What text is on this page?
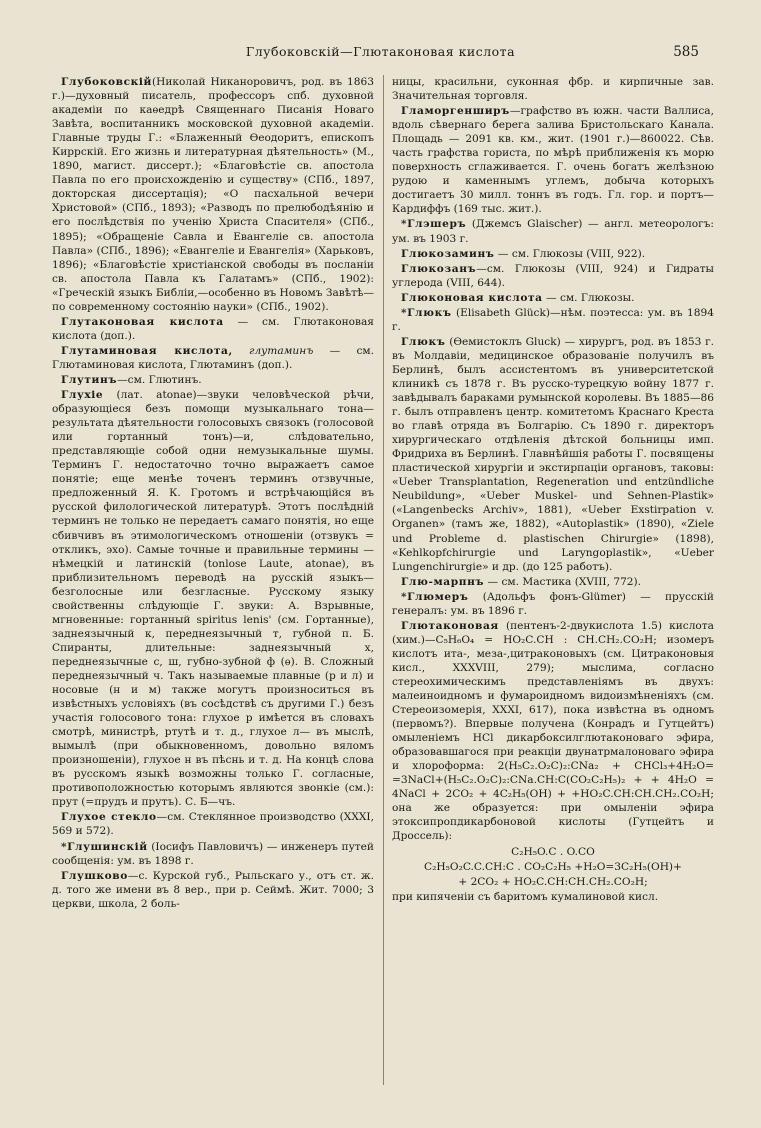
Глубоковскій—Глютаконовая кислота	585

Глубоковскій(Николай Никаноровичъ, род. въ 1863 г.)—духовный писатель, профессоръ спб. духовной академіи по каѳедрѣ Священнаго Писанія Новаго Завѣта, воспитанникъ московской духовной академіи. Главные труды Г.: «Блаженный Ѳеодоритъ, епископъ Киррскій. Его жизнь и литературная дѣятельность» (М., 1890, магист. диссерт.); «Благовѣстіе св. апостола Павла по его происхожденію и существу» (СПб., 1897, докторская диссертація); «О пасхальной вечери Христовой» (СПб., 1893); «Разводъ по прелюбодѣянію и его послѣдствія по ученію Христа Спасителя» (СПб., 1895); «Обращеніе Савла и Евангеліе св. апостола Павла» (СПб., 1896); «Евангеліе и Евангелія» (Харьковъ, 1896); «Благовѣстіе христіанской свободы въ посланіи св. апостола Павла къ Галатамъ» (СПб., 1902): «Греческій языкъ Библіи,—особенно въ Новомъ Завѣтѣ—по современному состоянію науки» (СПб., 1902).

Глутаконовая кислота — см. Глютаконовая кислота (доп.).

Глутаминовая кислота, глутаминъ — см. Глютаминовая кислота, Глютаминъ (доп.).

Глутинъ—см. Глютинъ.

Глухіе (лат. atonae)—звуки человѣческой рѣчи, образующіеся безъ помощи музыкальнаго тона—результата дѣятельности голосовыхъ связокъ (голосовой или гортанный тонъ)—и, слѣдовательно, представляющіе собой одни немузыкальные шумы. Терминъ Г. недостаточно точно выражаетъ самое понятіе; еще менѣе точенъ терминъ отзвучные, предложенный Я. К. Гротомъ и встрѣчающійся въ русской филологической литературѣ. Этотъ послѣдній терминъ не только не передаетъ самаго понятія, но еще сбивчивъ въ этимологическомъ отношеніи (отзвукъ = откликъ, эхо). Самые точные и правильные термины — нѣмецкій и латинскій (tonlose Laute, atonae), въ приблизительномъ переводѣ на русскій языкъ—безголосные или безгласные. Русскому языку свойственны слѣдующіе Г. звуки: А. Взрывные, мгновенные: гортанный spiritus lenis' (см. Гортанные), заднеязычный к, переднеязычный т, губной п. Б. Спиранты, длительные: заднеязычный х, переднеязычные с, ш, губно-зубной ф (ѳ). В. Сложный переднеязычный ч. Такъ называемые плавные (р и л) и носовые (н и м) также могутъ произноситься въ извѣстныхъ условіяхъ (въ сосѣдствѣ съ другими Г.) безъ участія голосового тона: глухое р имѣется въ словахъ смотрѣ, министрѣ, ртутѣ и т. д., глухое л— въ мыслѣ, вымылѣ (при обыкновенномъ, довольно вяломъ произношеніи), глухое н въ пѣснь и т. д. На концѣ слова въ русскомъ языкѣ возможны только Г. согласные, противоположностью которымъ являются звонкіе (см.): прут (=прудъ и прутъ). С. Б—чъ.

Глухое стекло—см. Стеклянное производство (XXXI, 569 и 572).

*Глушинскій (Іосифъ Павловичъ) — инженеръ путей сообщенія: ум. въ 1898 г.

Глушково—с. Курской губ., Рыльскаго у., отъ ст. ж. д. того же имени въ 8 вер., при р. Сеймѣ. Жит. 7000; 3 церкви, школа, 2 боль-

ницы, красильни, суконная фбр. и кирпичные зав. Значительная торговля.

Гламоргенширъ—графство въ южн. части Валлиса, вдоль сѣвернаго берега залива Бристольскаго Канала. Площадь — 2091 кв. км., жит. (1901 г.)—860022. Сѣв. часть графства гориста, по мѣрѣ приближенія къ морю поверхность сглаживается. Г. очень богатъ желѣзною рудою и каменнымъ углемъ, добыча которыхъ достигаетъ 30 милл. тоннъ въ годъ. Гл. гор. и портъ—Кардиффъ (169 тыс. жит.).

*Глэшеръ (Джемсъ Glaischer) — англ. метеорологъ: ум. въ 1903 г.

Глюкозаминъ — см. Глюкозы (VIII, 922).

Глюкозанъ—см. Глюкозы (VIII, 924) и Гидраты углерода (VIII, 644).

Глюконовая кислота — см. Глюкозы.

*Глюкъ (Elisabeth Glück)—нѣм. поэтесса: ум. въ 1894 г.

Глюкъ (Ѳемистоклъ Gluck) — хирургъ, род. въ 1853 г. въ Молдавіи, медицинское образованіе получилъ въ Берлинѣ, былъ ассистентомъ въ университетской клиникѣ съ 1878 г. Въ русско-турецкую войну 1877 г. завѣдывалъ бараками румынской королевы. Въ 1885—86 г. былъ отправленъ центр. комитетомъ Краснаго Креста во главѣ отряда въ Болгарію. Съ 1890 г. директоръ хирургическаго отдѣленія дѣтской больницы имп. Фридриха въ Берлинѣ. Главнѣйшія работы Г. посвящены пластической хирургіи и экстирпаціи органовъ, таковы: «Ueber Transplantation, Regeneration und entzündliche Neubildung», «Ueber Muskel- und Sehnen-Plastik» («Langenbecks Archiv», 1881), «Ueber Exstirpation v. Organen» (тамъ же, 1882), «Autoplastik» (1890), «Ziele und Probleme d. plastischen Chirurgie» (1898), «Kehlkopfchirurgie und Laryngoplastik», «Ueber Lungenchirurgie» и др. (до 125 работъ).

Глю-марпнъ — см. Мастика (XVIII, 772).

*Глюмеръ (Адольфъ фонъ-Glümer) — прусскій генералъ: ум. въ 1896 г.

Глютаконовая (пентенъ-2-двукислота 1.5) кислота (хим.)—C₅H₆O₄ = HO₂C.CH : CH.CH₂.CO₂H; изомеръ кислотъ ита-, меза-,цитраконовыхъ (см. Цитраконовыя кисл., XXXVIII, 279); мыслима, согласно стереохимическимъ представленіямъ въ двухъ: малеиноидномъ и фумароидномъ видоизмѣненіяхъ (см. Стереоизомерія, XXXI, 617), пока извѣстна въ одномъ (первомъ?). Впервые получена (Конрадъ и Гутцейтъ) омыленіемъ HCl дикарбоксилглютаконоваго эфира, образовавшагося при реакціи двунатрмалоноваго эфира и хлороформа: 2(H₅C₂.O₂C)₂:CNa₂ + CHCl₃+4H₂O= =3NaCl+(H₅C₂.O₂C)₂:CNa.CH:C(CO₂C₂H₅)₂ + + 4H₂O = 4NaCl + 2CO₂ + 4C₂H₅(OH) + +HO₂C.CH:CH.CH₂.CO₂H; она же образуется: при омыленіи эфира этоксипропдикарбоновой кислоты (Гутцейтъ и Дроссель):

C₂H₅O.C . O.CO

C₂H₅O₂C.C.CH:C . CO₂C₂H₅ +H₂O=3C₂H₅(OH)+

+ 2CO₂ + HO₂C.CH:CH.CH₂.CO₂H;

при кипяченіи съ баритомъ кумалиновой кисл.
